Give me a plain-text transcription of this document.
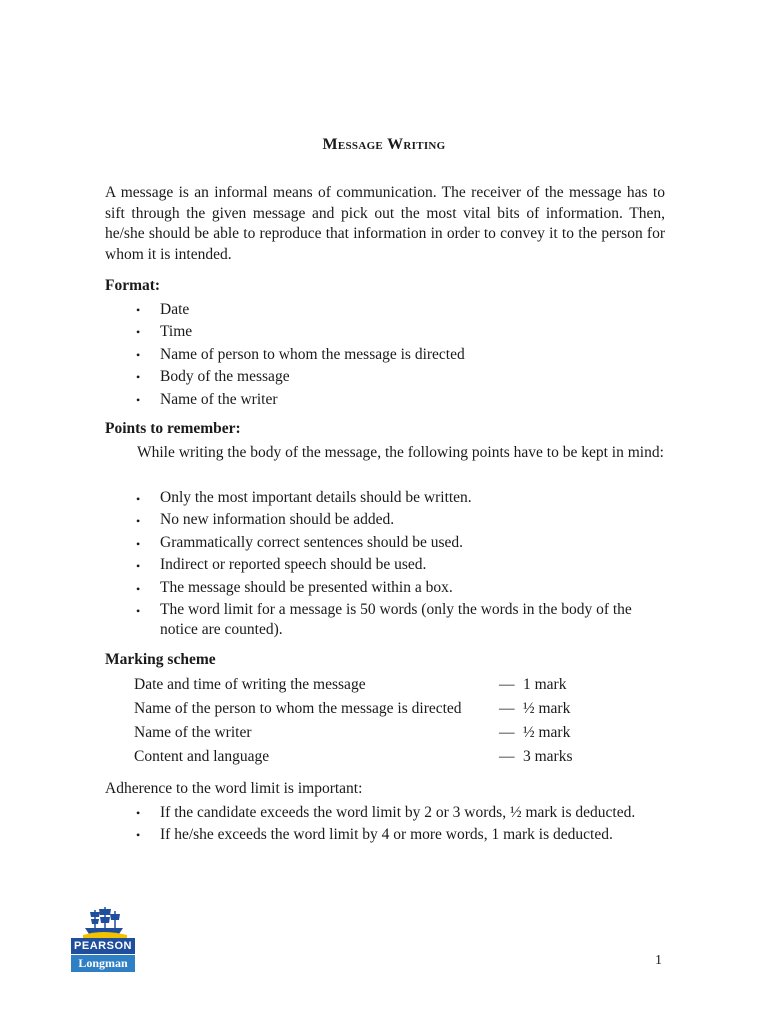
Message Writing

A message is an informal means of communication. The receiver of the message has to sift through the given message and pick out the most vital bits of information. Then, he/she should be able to reproduce that information in order to convey it to the person for whom it is intended.

Format:

• Date
• Time
• Name of person to whom the message is directed
• Body of the message
• Name of the writer

Points to remember:

While writing the body of the message, the following points have to be kept in mind:

• Only the most important details should be written.
• No new information should be added.
• Grammatically correct sentences should be used.
• Indirect or reported speech should be used.
• The message should be presented within a box.
• The word limit for a message is 50 words (only the words in the body of the notice are counted).

Marking scheme

Date and time of writing the message	— 1 mark
Name of the person to whom the message is directed — ½ mark
Name of the writer	— ½ mark
Content and language	— 3 marks

Adherence to the word limit is important:

• If the candidate exceeds the word limit by 2 or 3 words, ½ mark is deducted.
• If he/she exceeds the word limit by 4 or more words, 1 mark is deducted.
PEARSON
Longman	1
